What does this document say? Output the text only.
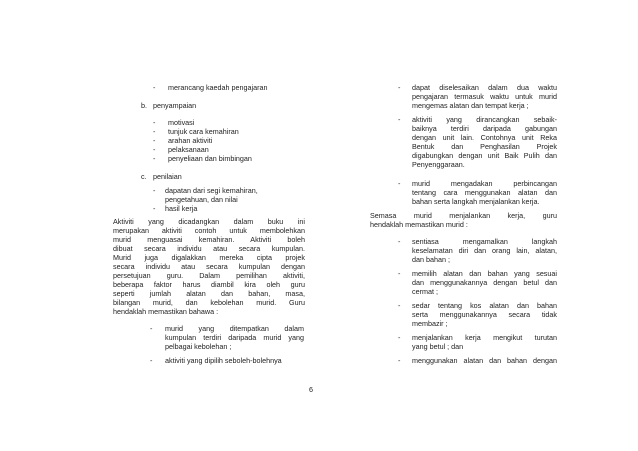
- merancang kaedah pengajaran
b. penyampaian
- motivasi
- tunjuk cara kemahiran
- arahan aktiviti
- pelaksanaan
- penyeliaan dan bimbingan
c. penilaian
- dapatan dari segi kemahiran,
pengetahuan, dan nilai
- hasil kerja
Aktiviti yang dicadangkan dalam buku ini
merupakan aktiviti contoh untuk membolehkan
murid menguasai kemahiran. Aktiviti boleh
dibuat secara individu atau secara kumpulan.
Murid juga digalakkan mereka cipta projek
secara individu atau secara kumpulan dengan
persetujuan guru. Dalam pemilihan aktiviti,
beberapa faktor harus diambil kira oleh guru
seperti jumlah alatan dan bahan, masa,
bilangan murid, dan kebolehan murid. Guru
hendaklah memastikan bahawa :
- murid yang ditempatkan dalam
kumpulan terdiri daripada murid yang
pelbagai kebolehan ;
- aktiviti yang dipilih seboleh-bolehnya
- dapat diselesaikan dalam dua waktu
pengajaran termasuk waktu untuk murid
mengemas alatan dan tempat kerja ;
- aktiviti yang dirancangkan sebaik-
baiknya terdiri daripada gabungan
dengan unit lain. Contohnya unit Reka
Bentuk dan Penghasilan Projek
digabungkan dengan unit Baik Pulih dan
Penyenggaraan.
- murid mengadakan perbincangan
tentang cara menggunakan alatan dan
bahan serta langkah menjalankan kerja.
Semasa murid menjalankan kerja, guru
hendaklah memastikan murid :
- sentiasa mengamalkan langkah
keselamatan diri dan orang lain, alatan,
dan bahan ;
- memilih alatan dan bahan yang sesuai
dan menggunakannya dengan betul dan
cermat ;
- sedar tentang kos alatan dan bahan
serta menggunakannya secara tidak
membazir ;
- menjalankan kerja mengikut turutan
yang betul ; dan
- menggunakan alatan dan bahan dengan
6
